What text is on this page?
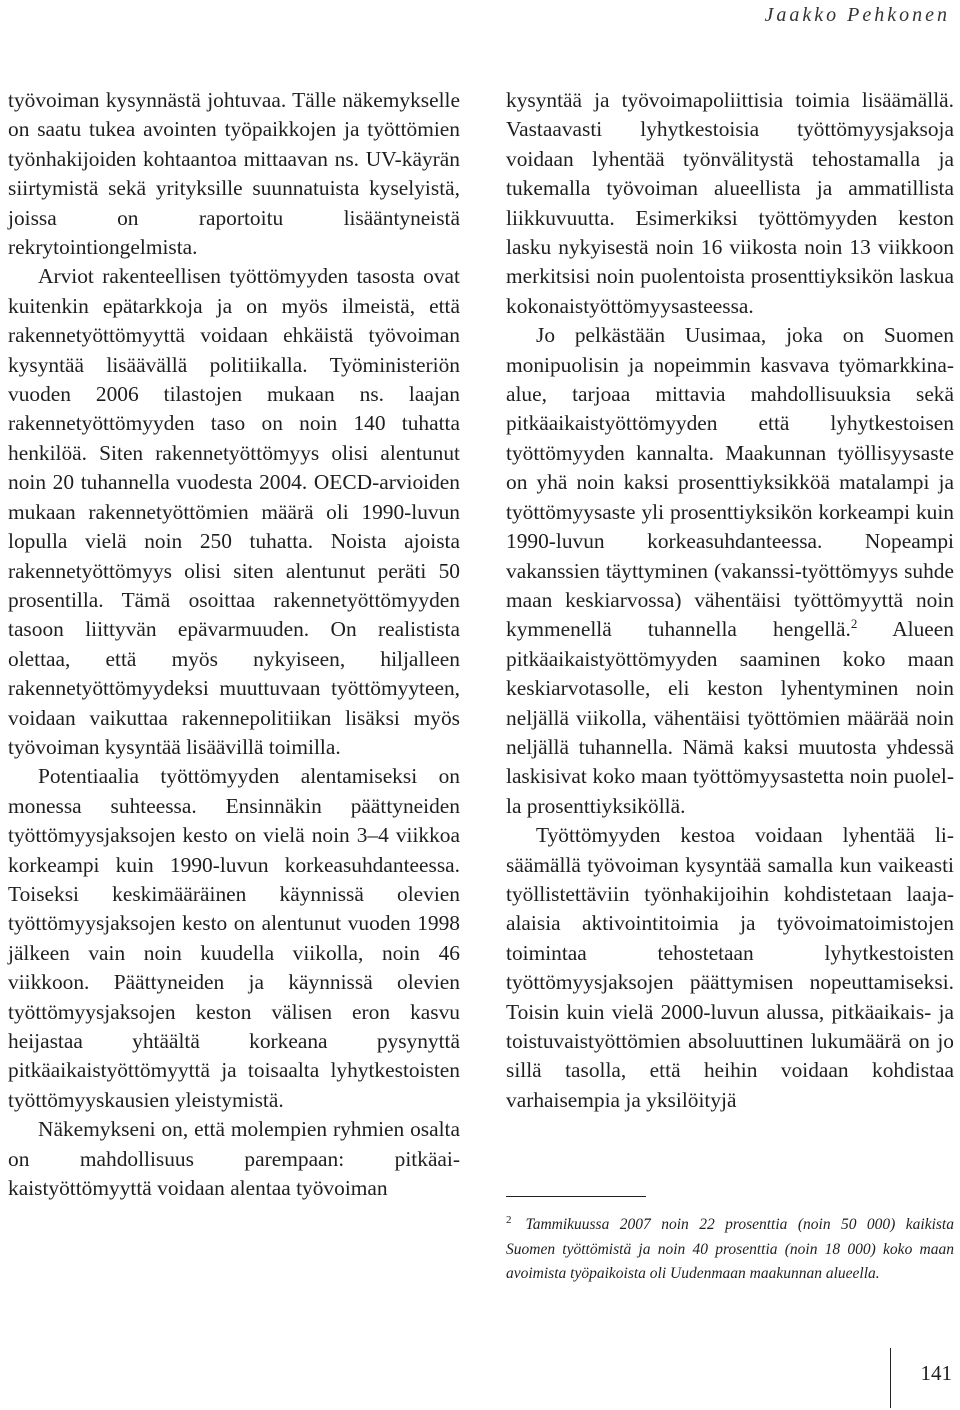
Jaakko Pehkonen

työvoiman kysynnästä johtuvaa. Tälle näkemykselle on saatu tukea avointen työpaikkojen ja työttömien työnhakijoiden kohtaantoa mittaavan ns. UV-käyrän siirtymistä sekä yrityksille suunnatuista kyselyistä, joissa on raportoitu lisääntyneistä rekrytointiongelmista.

Arviot rakenteellisen työttömyyden tasosta ovat kuitenkin epätarkkoja ja on myös ilmeistä, että rakennetyöttömyyttä voidaan ehkäistä työvoiman kysyntää lisäävällä politiikalla. Työministeriön vuoden 2006 tilastojen mukaan ns. laajan rakennetyöttömyyden taso on noin 140 tuhatta henkilöä. Siten rakennetyöttömyys olisi alentunut noin 20 tuhannella vuodesta 2004. OECD-arvioiden mukaan rakennetyöttömien määrä oli 1990-luvun lopulla vielä noin 250 tuhatta. Noista ajoista rakennetyöttömyys olisi siten alentunut peräti 50 prosentilla. Tämä osoittaa rakennetyöttömyyden tasoon liittyvän epävarmuuden. On realistista olettaa, että myös nykyiseen, hiljalleen rakennetyöttömyydeksi muuttuvaan työttömyyteen, voidaan vaikuttaa rakennepolitiikan lisäksi myös työvoiman kysyntää lisäävillä toimilla.

Potentiaalia työttömyyden alentamiseksi on monessa suhteessa. Ensinnäkin päättyneiden työttömyysjaksojen kesto on vielä noin 3–4 viikkoa korkeampi kuin 1990-luvun korkeasuhdanteessa. Toiseksi keskimääräinen käynnissä olevien työttömyysjaksojen kesto on alentunut vuoden 1998 jälkeen vain noin kuudella viikolla, noin 46 viikkoon. Päättyneiden ja käynnissä olevien työttömyysjaksojen keston välisen eron kasvu heijastaa yhtäältä korkeana pysynyttä pitkäaikaistyöttömyyttä ja toisaalta lyhytkestoisten työttömyyskausien yleistymistä.

Näkemykseni on, että molempien ryhmien osalta on mahdollisuus parempaan: pitkäaikaistyöttömyyttä voidaan alentaa työvoiman

kysyntää ja työvoimapoliittisia toimia lisäämällä. Vastaavasti lyhytkestoisia työttömyysjaksoja voidaan lyhentää työnvälitystä tehostamalla ja tukemalla työvoiman alueellista ja ammatillista liikkuvuutta. Esimerkiksi työttömyyden keston lasku nykyisestä noin 16 viikosta noin 13 viikkoon merkitsisi noin puolentoista prosenttiyksikön laskua kokonaistyöttömyysasteessa.

Jo pelkästään Uusimaa, joka on Suomen monipuolisin ja nopeimmin kasvava työmarkkina-alue, tarjoaa mittavia mahdollisuuksia sekä pitkäaikaistyöttömyyden että lyhytkestoisen työttömyyden kannalta. Maakunnan työllisyysaste on yhä noin kaksi prosenttiyksikköä matalampi ja työttömyysaste yli prosenttiyksikön korkeampi kuin 1990-luvun korkeasuhdanteessa. Nopeampi vakanssien täyttyminen (vakanssi-työttömyys suhde maan keskiarvossa) vähentäisi työttömyyttä noin kymmenellä tuhannella hengellä.$^2$ Alueen pitkäaikaistyöttömyyden saaminen koko maan keskiarvotasolle, eli keston lyhentyminen noin neljällä viikolla, vähentäisi työttömien määrää noin neljällä tuhannella. Nämä kaksi muutosta yhdessä laskisivat koko maan työttömyysastetta noin puolella prosenttiyksiköllä.

Työttömyyden kestoa voidaan lyhentää lisäämällä työvoiman kysyntää samalla kun vaikeasti työllistettäviin työnhakijoihin kohdistetaan laaja-alaisia aktivointitoimia ja työvoimatoimistojen toimintaa tehostetaan lyhytkestoisten työttömyysjaksojen päättymisen nopeuttamiseksi. Toisin kuin vielä 2000-luvun alussa, pitkäaikais- ja toistuvaistyöttömien absoluuttinen lukumäärä on jo sillä tasolla, että heihin voidaan kohdistaa varhaisempia ja yksilöityjä

$^2$ Tammikuussa 2007 noin 22 prosenttia (noin 50 000) kaikista Suomen työttömistä ja noin 40 prosenttia (noin 18 000) koko maan avoimista työpaikoista oli Uudenmaan maakunnan alueella.

141
